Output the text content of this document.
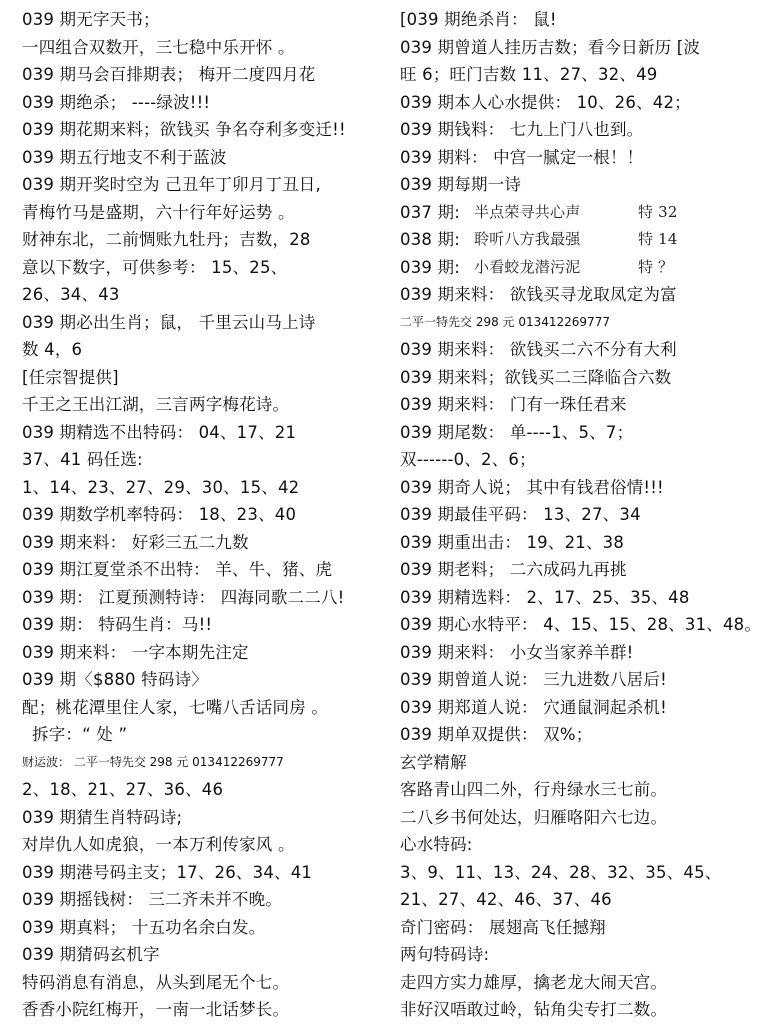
039 期无字天书；
一四组合双数开，三七稳中乐开怀 。
039 期马会百排期表； 梅开二度四月花
039 期绝杀； ----绿波!!!
039 期花期来料；欲钱买 争名夺利多变迁!!
039 期五行地支不利于蓝波
039 期开奖时空为 己丑年丁卯月丁丑日,
青梅竹马是盛期，六十行年好运势 。
财神东北，二前惆账九牡丹；吉数，28
意以下数字，可供参考： 15、25、
26、34、43
039 期必出生肖；鼠， 千里云山马上诗
数 4，6
[任宗智提供]
千王之王出江湖，三言两字梅花诗。
039 期精选不出特码： 04、17、21
37、41 码任选:
1、14、23、27、29、30、15、42
039 期数学机率特码： 18、23、40
039 期来料： 好彩三五二九数
039 期江夏堂杀不出特： 羊、牛、猪、虎
039 期： 江夏预测特诗： 四海同歌二二八!
039 期： 特码生肖：马!!
039 期来料： 一字本期先注定
039 期〈$880 特码诗〉
配；桃花潭里住人家，七嘴八舌话同房 。
拆字：“ 处 ”
财运波： 二平一特先交 298 元 013412269777
2、18、21、27、36、46
039 期猜生肖特码诗;
对岸仇人如虎狼，一本万利传家风 。
039 期港号码主支；17、26、34、41
039 期摇钱树： 三二齐未并不晚。
039 期真料； 十五功名余白发。
039 期猜码玄机字
特码消息有消息，从头到尾无个七。
香香小院红梅开，一南一北话梦长。
[039 期绝杀肖： 鼠!
039 期曾道人挂历吉数；看今日新历 [波
旺 6；旺门吉数 11、27、32、49
039 期本人心水提供： 10、26、42；
039 期钱料： 七九上门八也到。
039 期料： 中宫一腻定一根！！
039 期每期一诗
037 期: 半点荣寻共心声	特 32
038 期: 聆听八方我最强	特 14
039 期: 小看蛟龙潜污泥	特 ？
039 期来料： 欲钱买寻龙取凤定为富
二平一特先交 298 元 013412269777
039 期来料： 欲钱买二六不分有大利
039 期来料；欲钱买二三降临合六数
039 期来料： 门有一珠任君来
039 期尾数： 单----1、5、7；
双------0、2、6；
039 期奇人说； 其中有钱君俗情!!!
039 期最佳平码： 13、27、34
039 期重出击： 19、21、38
039 期老料； 二六成码九再挑
039 期精选料： 2、17、25、35、48
039 期心水特平： 4、15、15、28、31、48。
039 期来料： 小女当家养羊群!
039 期曾道人说： 三九进数八居后!
039 期郑道人说： 穴通鼠洞起杀机!
039 期单双提供： 双%；
玄学精解
客路青山四二外，行舟绿水三七前。
二八乡书何处达，归雁咯阳六七边。
心水特码:
3、9、11、13、24、28、32、35、45、
21、27、42、46、37、46
奇门密码： 展翅高飞任撼翔
两句特码诗:
走四方实力雄厚，擒老龙大闹天宫。
非好汉唔敢过岭，钻角尖专打二数。
